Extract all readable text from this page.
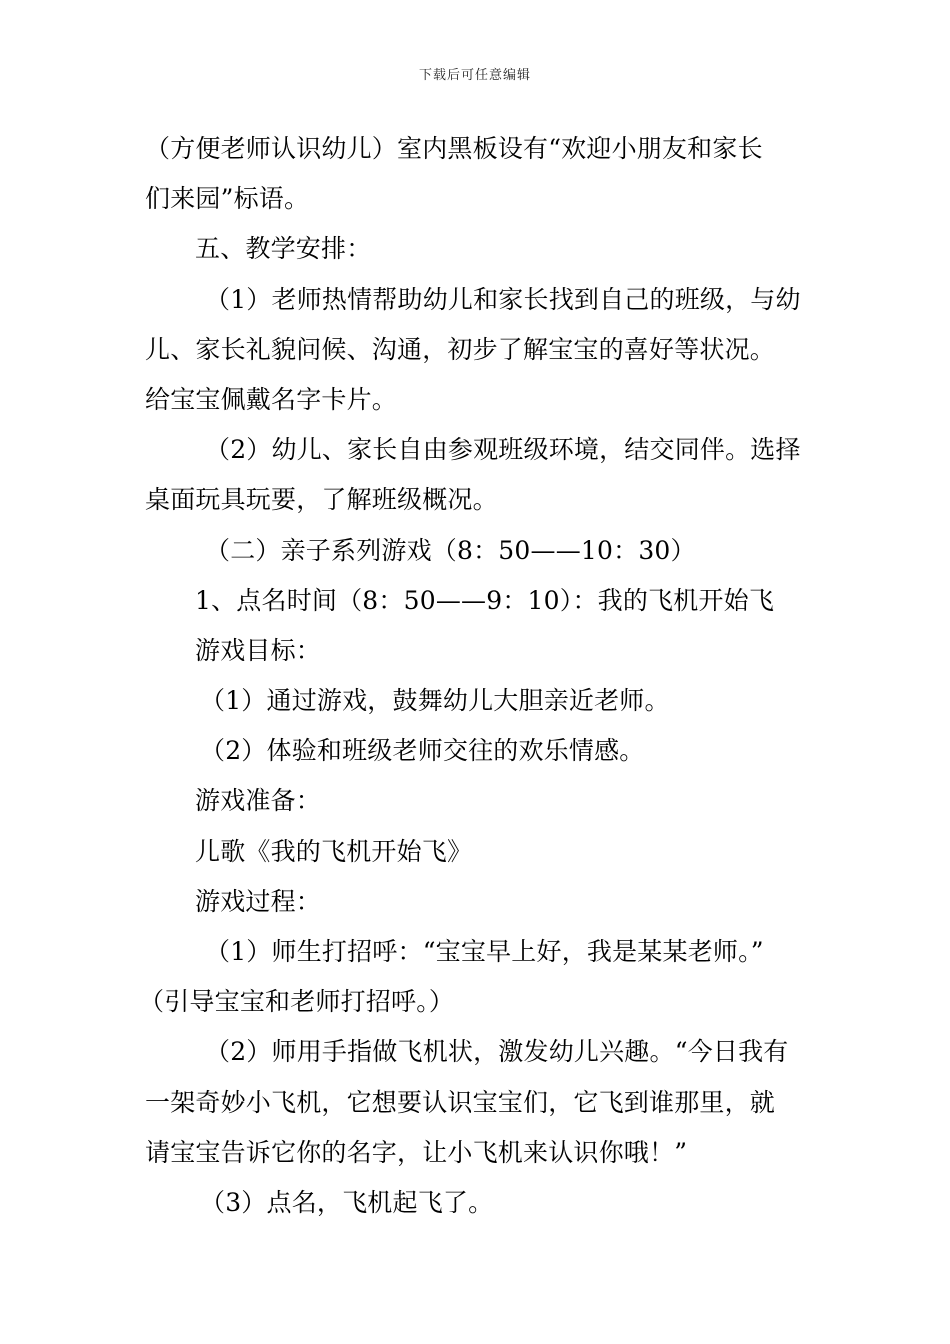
下载后可任意编辑
（方便老师认识幼儿）室内黑板设有“欢迎小朋友和家长
们来园”标语。
五、教学安排：
（1）老师热情帮助幼儿和家长找到自己的班级，与幼
儿、家长礼貌问候、沟通，初步了解宝宝的喜好等状况。
给宝宝佩戴名字卡片。
（2）幼儿、家长自由参观班级环境，结交同伴。选择
桌面玩具玩要，了解班级概况。
（二）亲子系列游戏（8：50——10：30）
1、点名时间（8：50——9：10）：我的飞机开始飞
游戏目标：
（1）通过游戏，鼓舞幼儿大胆亲近老师。
（2）体验和班级老师交往的欢乐情感。
游戏准备：
儿歌《我的飞机开始飞》
游戏过程：
（1）师生打招呼：“宝宝早上好，我是某某老师。”
（引导宝宝和老师打招呼。）
（2）师用手指做飞机状，激发幼儿兴趣。“今日我有
一架奇妙小飞机，它想要认识宝宝们，它飞到谁那里，就
请宝宝告诉它你的名字，让小飞机来认识你哦！”
（3）点名，飞机起飞了。
